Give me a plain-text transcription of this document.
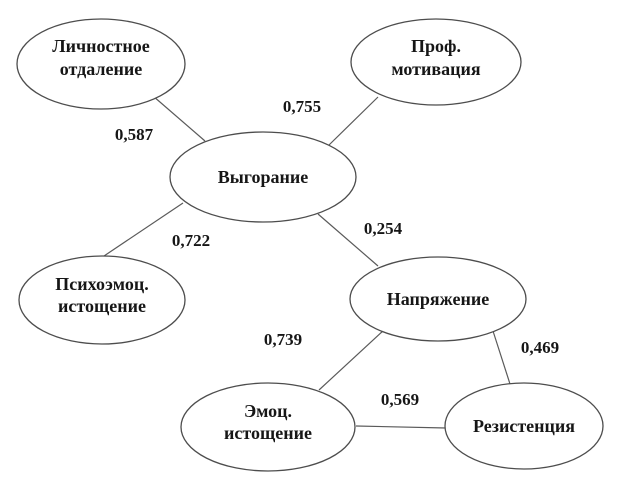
0,587
0,755
0,722
0,254
0,739	0,469
0,569
Личностное
отдаление
Проф.
мотивация
Выгорание
Психоэмоц.
истощение	Напряжение
Эмоц.
истощение	Резистенция
